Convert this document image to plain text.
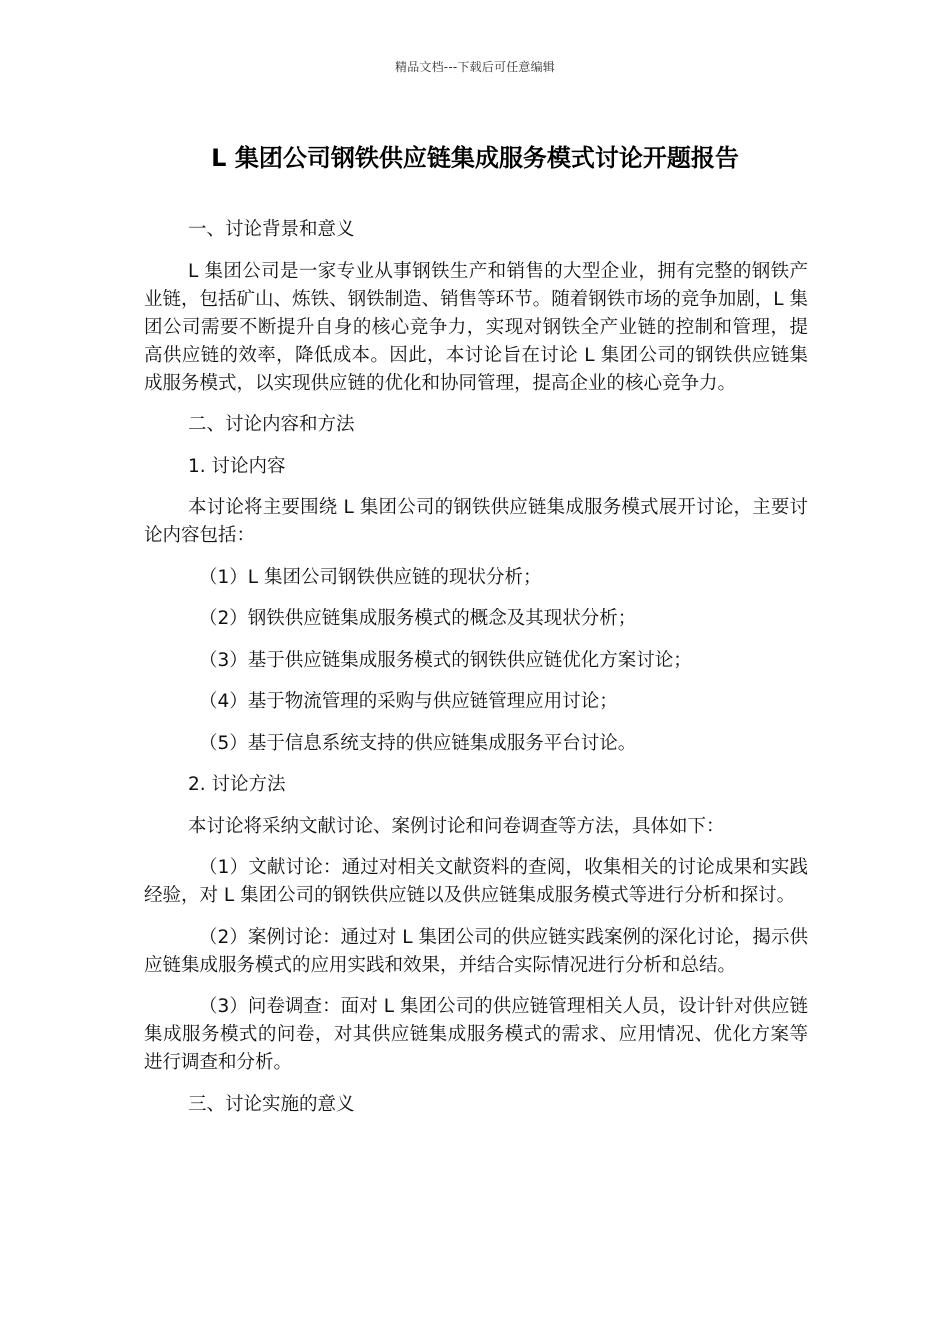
精品文档---下载后可任意编辑
L 集团公司钢铁供应链集成服务模式讨论开题报告

一、讨论背景和意义

L 集团公司是一家专业从事钢铁生产和销售的大型企业，拥有完整的钢铁产业链，包括矿山、炼铁、钢铁制造、销售等环节。随着钢铁市场的竞争加剧，L 集团公司需要不断提升自身的核心竞争力，实现对钢铁全产业链的控制和管理，提高供应链的效率，降低成本。因此，本讨论旨在讨论 L 集团公司的钢铁供应链集成服务模式，以实现供应链的优化和协同管理，提高企业的核心竞争力。

二、讨论内容和方法

1. 讨论内容

本讨论将主要围绕 L 集团公司的钢铁供应链集成服务模式展开讨论，主要讨论内容包括：

（1）L 集团公司钢铁供应链的现状分析；

（2）钢铁供应链集成服务模式的概念及其现状分析；

（3）基于供应链集成服务模式的钢铁供应链优化方案讨论；

（4）基于物流管理的采购与供应链管理应用讨论；

（5）基于信息系统支持的供应链集成服务平台讨论。

2. 讨论方法

本讨论将采纳文献讨论、案例讨论和问卷调查等方法，具体如下：

（1）文献讨论：通过对相关文献资料的查阅，收集相关的讨论成果和实践经验，对 L 集团公司的钢铁供应链以及供应链集成服务模式等进行分析和探讨。

（2）案例讨论：通过对 L 集团公司的供应链实践案例的深化讨论，揭示供应链集成服务模式的应用实践和效果，并结合实际情况进行分析和总结。

（3）问卷调查：面对 L 集团公司的供应链管理相关人员，设计针对供应链集成服务模式的问卷，对其供应链集成服务模式的需求、应用情况、优化方案等进行调查和分析。

三、讨论实施的意义
